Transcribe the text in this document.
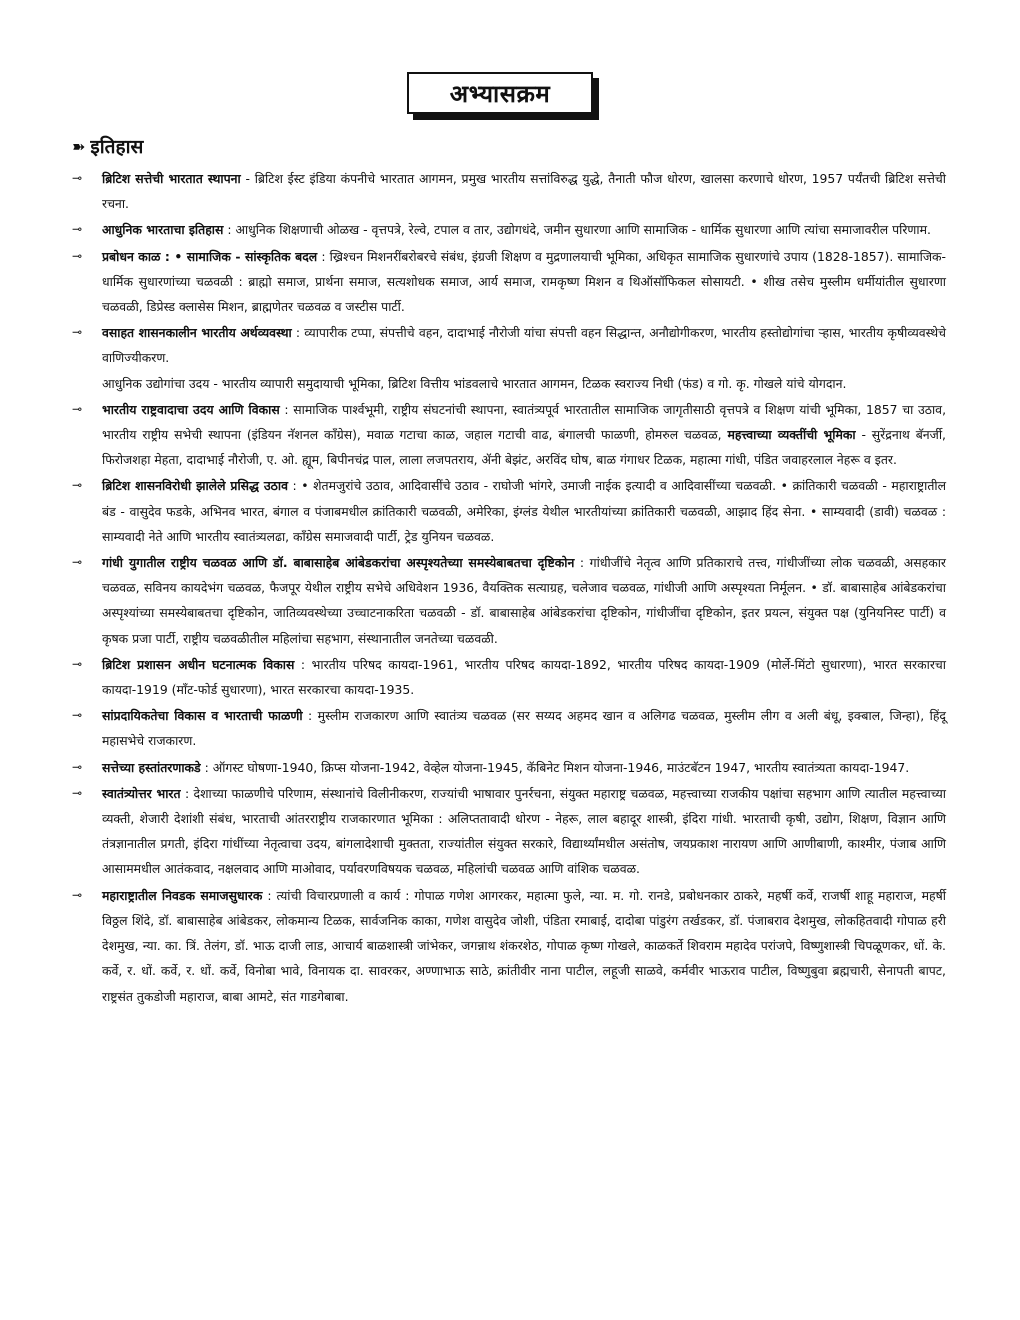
अभ्यासक्रम
➽ इतिहास
⊸	ब्रिटिश सत्तेची भारतात स्थापना - ब्रिटिश ईस्ट इंडिया कंपनीचे भारतात आगमन, प्रमुख भारतीय सत्तांविरुद्ध युद्धे, तैनाती फौज धोरण, खालसा करणाचे धोरण, 1957 पर्यंतची ब्रिटिश सत्तेची रचना.
⊸	आधुनिक भारताचा इतिहास : आधुनिक शिक्षणाची ओळख - वृत्तपत्रे, रेल्वे, टपाल व तार, उद्योगधंदे, जमीन सुधारणा आणि सामाजिक - धार्मिक सुधारणा आणि त्यांचा समाजावरील परिणाम.
⊸	प्रबोधन काळ : • सामाजिक - सांस्कृतिक बदल : ख्रिश्चन मिशनरींबरोबरचे संबंध, इंग्रजी शिक्षण व मुद्रणालयाची भूमिका, अधिकृत सामाजिक सुधारणांचे उपाय (1828-1857). सामाजिक-धार्मिक सुधारणांच्या चळवळी : ब्राह्मो समाज, प्रार्थना समाज, सत्यशोधक समाज, आर्य समाज, रामकृष्ण मिशन व थिऑसॉफिकल सोसायटी. • शीख तसेच मुस्लीम धर्मीयांतील सुधारणा चळवळी, डिप्रेस्ड क्लासेस मिशन, ब्राह्मणेतर चळवळ व जस्टीस पार्टी.
⊸	वसाहत शासनकालीन भारतीय अर्थव्यवस्था : व्यापारीक टप्पा, संपत्तीचे वहन, दादाभाई नौरोजी यांचा संपत्ती वहन सिद्धान्त, अनौद्योगीकरण, भारतीय हस्तोद्योगांचा ऱ्हास, भारतीय कृषीव्यवस्थेचे वाणिज्यीकरण.
आधुनिक उद्योगांचा उदय - भारतीय व्यापारी समुदायाची भूमिका, ब्रिटिश वित्तीय भांडवलाचे भारतात आगमन, टिळक स्वराज्य निधी (फंड) व गो. कृ. गोखले यांचे योगदान.
⊸	भारतीय राष्ट्रवादाचा उदय आणि विकास : सामाजिक पार्श्वभूमी, राष्ट्रीय संघटनांची स्थापना, स्वातंत्र्यपूर्व भारतातील सामाजिक जागृतीसाठी वृत्तपत्रे व शिक्षण यांची भूमिका, 1857 चा उठाव, भारतीय राष्ट्रीय सभेची स्थापना (इंडियन नॅशनल कॉंग्रेस), मवाळ गटाचा काळ, जहाल गटाची वाढ, बंगालची फाळणी, होमरुल चळवळ, महत्त्वाच्या व्यक्तींची भूमिका - सुरेंद्रनाथ बॅनर्जी, फिरोजशहा मेहता, दादाभाई नौरोजी, ए. ओ. ह्यूम, बिपीनचंद्र पाल, लाला लजपतराय, ॲनी बेझंट, अरविंद घोष, बाळ गंगाधर टिळक, महात्मा गांधी, पंडित जवाहरलाल नेहरू व इतर.
⊸	ब्रिटिश शासनविरोधी झालेले प्रसिद्ध उठाव : • शेतमजुरांचे उठाव, आदिवासींचे उठाव - राघोजी भांगरे, उमाजी नाईक इत्यादी व आदिवासींच्या चळवळी. • क्रांतिकारी चळवळी - महाराष्ट्रातील बंड - वासुदेव फडके, अभिनव भारत, बंगाल व पंजाबमधील क्रांतिकारी चळवळी, अमेरिका, इंग्लंड येथील भारतीयांच्या क्रांतिकारी चळवळी, आझाद हिंद सेना. • साम्यवादी (डावी) चळवळ : साम्यवादी नेते आणि भारतीय स्वातंत्र्यलढा, कॉंग्रेस समाजवादी पार्टी, ट्रेड युनियन चळवळ.
⊸	गांधी युगातील राष्ट्रीय चळवळ आणि डॉ. बाबासाहेब आंबेडकरांचा अस्पृश्यतेच्या समस्येबाबतचा दृष्टिकोन : गांधीजींचे नेतृत्व आणि प्रतिकाराचे तत्त्व, गांधीजींच्या लोक चळवळी, असहकार चळवळ, सविनय कायदेभंग चळवळ, फैजपूर येथील राष्ट्रीय सभेचे अधिवेशन 1936, वैयक्तिक सत्याग्रह, चलेजाव चळवळ, गांधीजी आणि अस्पृश्यता निर्मूलन. • डॉ. बाबासाहेब आंबेडकरांचा अस्पृश्यांच्या समस्येबाबतचा दृष्टिकोन, जातिव्यवस्थेच्या उच्चाटनाकरिता चळवळी - डॉ. बाबासाहेब आंबेडकरांचा दृष्टिकोन, गांधीजींचा दृष्टिकोन, इतर प्रयत्न, संयुक्त पक्ष (युनियनिस्ट पार्टी) व कृषक प्रजा पार्टी, राष्ट्रीय चळवळीतील महिलांचा सहभाग, संस्थानातील जनतेच्या चळवळी.
⊸	ब्रिटिश प्रशासन अधीन घटनात्मक विकास : भारतीय परिषद कायदा-1961, भारतीय परिषद कायदा-1892, भारतीय परिषद कायदा-1909 (मोर्ले-मिंटो सुधारणा), भारत सरकारचा कायदा-1919 (मॉंट-फोर्ड सुधारणा), भारत सरकारचा कायदा-1935.
⊸	सांप्रदायिकतेचा विकास व भारताची फाळणी : मुस्लीम राजकारण आणि स्वातंत्र्य चळवळ (सर सय्यद अहमद खान व अलिगढ चळवळ, मुस्लीम लीग व अली बंधू, इक्बाल, जिन्हा), हिंदू महासभेचे राजकारण.
⊸	सत्तेच्या हस्तांतरणाकडे : ऑगस्ट घोषणा-1940, क्रिप्स योजना-1942, वेव्हेल योजना-1945, कॅबिनेट मिशन योजना-1946, माउंटबॅटन 1947, भारतीय स्वातंत्र्यता कायदा-1947.
⊸	स्वातंत्र्योत्तर भारत : देशाच्या फाळणीचे परिणाम, संस्थानांचे विलीनीकरण, राज्यांची भाषावार पुनर्रचना, संयुक्त महाराष्ट्र चळवळ, महत्त्वाच्या राजकीय पक्षांचा सहभाग आणि त्यातील महत्त्वाच्या व्यक्ती, शेजारी देशांशी संबंध, भारताची आंतरराष्ट्रीय राजकारणात भूमिका : अलिप्ततावादी धोरण - नेहरू, लाल बहादूर शास्त्री, इंदिरा गांधी. भारताची कृषी, उद्योग, शिक्षण, विज्ञान आणि तंत्रज्ञानातील प्रगती, इंदिरा गांधींच्या नेतृत्वाचा उदय, बांगलादेशाची मुक्तता, राज्यांतील संयुक्त सरकारे, विद्यार्थ्यांमधील असंतोष, जयप्रकाश नारायण आणि आणीबाणी, काश्मीर, पंजाब आणि आसाममधील आतंकवाद, नक्षलवाद आणि माओवाद, पर्यावरणविषयक चळवळ, महिलांची चळवळ आणि वांशिक चळवळ.
⊸	महाराष्ट्रातील निवडक समाजसुधारक : त्यांची विचारप्रणाली व कार्य : गोपाळ गणेश आगरकर, महात्मा फुले, न्या. म. गो. रानडे, प्रबोधनकार ठाकरे, महर्षी कर्वे, राजर्षी शाहू महाराज, महर्षी विठ्ठल शिंदे, डॉ. बाबासाहेब आंबेडकर, लोकमान्य टिळक, सार्वजनिक काका, गणेश वासुदेव जोशी, पंडिता रमाबाई, दादोबा पांडुरंग तर्खडकर, डॉ. पंजाबराव देशमुख, लोकहितवादी गोपाळ हरी देशमुख, न्या. का. त्रिं. तेलंग, डॉ. भाऊ दाजी लाड, आचार्य बाळशास्त्री जांभेकर, जगन्नाथ शंकरशेठ, गोपाळ कृष्ण गोखले, काळकर्ते शिवराम महादेव परांजपे, विष्णुशास्त्री चिपळूणकर, धों. के. कर्वे, र. धों. कर्वे, र. धों. कर्वे, विनोबा भावे, विनायक दा. सावरकर, अण्णाभाऊ साठे, क्रांतीवीर नाना पाटील, लहूजी साळवे, कर्मवीर भाऊराव पाटील, विष्णुबुवा ब्रह्मचारी, सेनापती बापट, राष्ट्रसंत तुकडोजी महाराज, बाबा आमटे, संत गाडगेबाबा.
